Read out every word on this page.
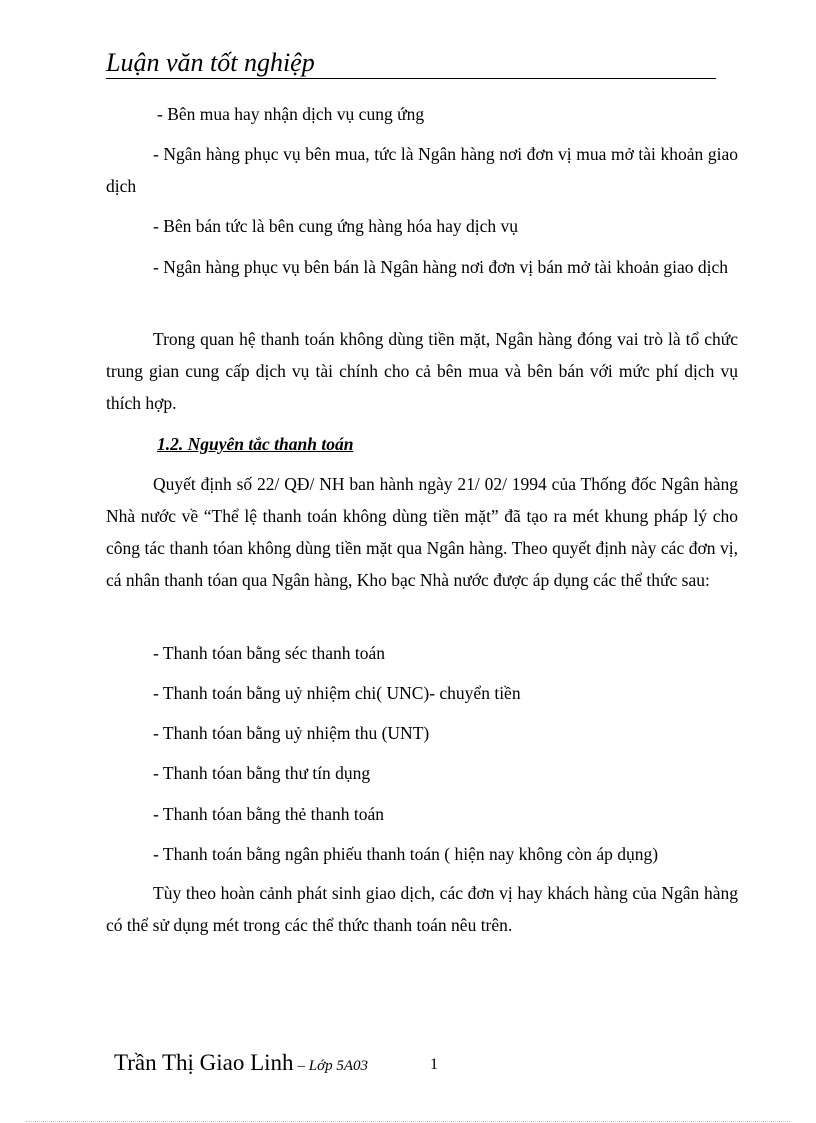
Luận văn tốt nghiệp
- Bên mua hay nhận dịch vụ cung ứng
- Ngân hàng phục vụ bên mua, tức là Ngân hàng nơi đơn vị mua mở tài khoản giao dịch
- Bên bán tức là bên cung ứng hàng hóa hay dịch vụ
- Ngân hàng phục vụ bên bán là Ngân hàng nơi đơn vị bán mở tài khoản giao dịch
Trong quan hệ thanh toán không dùng tiền mặt, Ngân hàng đóng vai trò là tổ chức trung gian cung cấp dịch vụ tài chính cho cả bên mua và bên bán với mức phí dịch vụ thích hợp.
1.2. Nguyên tắc thanh toán
Quyết định số 22/ QĐ/ NH ban hành ngày 21/ 02/ 1994 của Thống đốc Ngân hàng Nhà nước về “Thể lệ thanh toán không dùng tiền mặt” đã tạo ra mét khung pháp lý cho công tác thanh tóan không dùng tiền mặt qua Ngân hàng. Theo quyết định này các đơn vị, cá nhân thanh tóan qua Ngân hàng, Kho bạc Nhà nước được áp dụng các thể thức sau:
- Thanh tóan bằng séc thanh toán
- Thanh toán bằng uỷ nhiệm chi( UNC)- chuyển tiền
- Thanh tóan bằng uỷ nhiệm thu (UNT)
- Thanh tóan bằng thư tín dụng
- Thanh tóan bằng thẻ thanh toán
- Thanh toán bằng ngân phiếu thanh toán ( hiện nay không còn áp dụng)
Tùy theo hoàn cảnh phát sinh giao dịch, các đơn vị hay khách hàng của Ngân hàng có thể sử dụng mét trong các thể thức thanh toán nêu trên.
Trần Thị Giao Linh – Lớp 5A03	1
